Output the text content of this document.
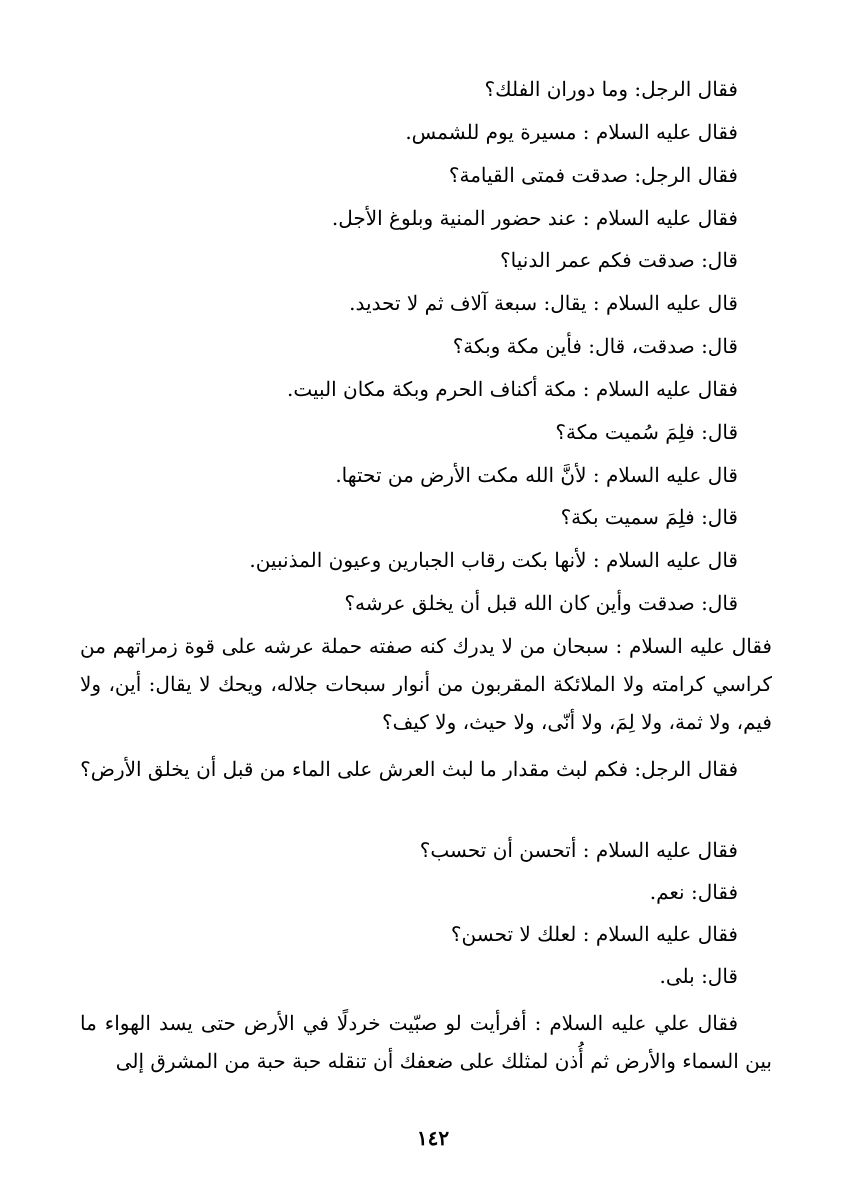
فقال الرجل: وما دوران الفلك؟
فقال عليه السلام : مسيرة يوم للشمس.
فقال الرجل: صدقت فمتى القيامة؟
فقال عليه السلام : عند حضور المنية وبلوغ الأجل.
قال: صدقت فكم عمر الدنيا؟
قال عليه السلام : يقال: سبعة آلاف ثم لا تحديد.
قال: صدقت، قال: فأين مكة وبكة؟
فقال عليه السلام : مكة أكناف الحرم وبكة مكان البيت.
قال: فلِمَ سُميت مكة؟
قال عليه السلام : لأنَّ الله مكت الأرض من تحتها.
قال: فلِمَ سميت بكة؟
قال عليه السلام : لأنها بكت رقاب الجبارين وعيون المذنبين.
قال: صدقت وأين كان الله قبل أن يخلق عرشه؟
فقال عليه السلام : سبحان من لا يدرك كنه صفته حملة عرشه على قوة زمراتهم من كراسي كرامته ولا الملائكة المقربون من أنوار سبحات جلاله، ويحك لا يقال: أين، ولا فيم، ولا ثمة، ولا لِمَ، ولا أنّى، ولا حيث، ولا كيف؟
فقال الرجل: فكم لبث مقدار ما لبث العرش على الماء من قبل أن يخلق الأرض؟
فقال عليه السلام : أتحسن أن تحسب؟
فقال: نعم.
فقال عليه السلام : لعلك لا تحسن؟
قال: بلى.
فقال علي عليه السلام : أفرأيت لو صبّيت خردلًا في الأرض حتى يسد الهواء ما بين السماء والأرض ثم أُذن لمثلك على ضعفك أن تنقله حبة حبة من المشرق إلى
١٤٢
